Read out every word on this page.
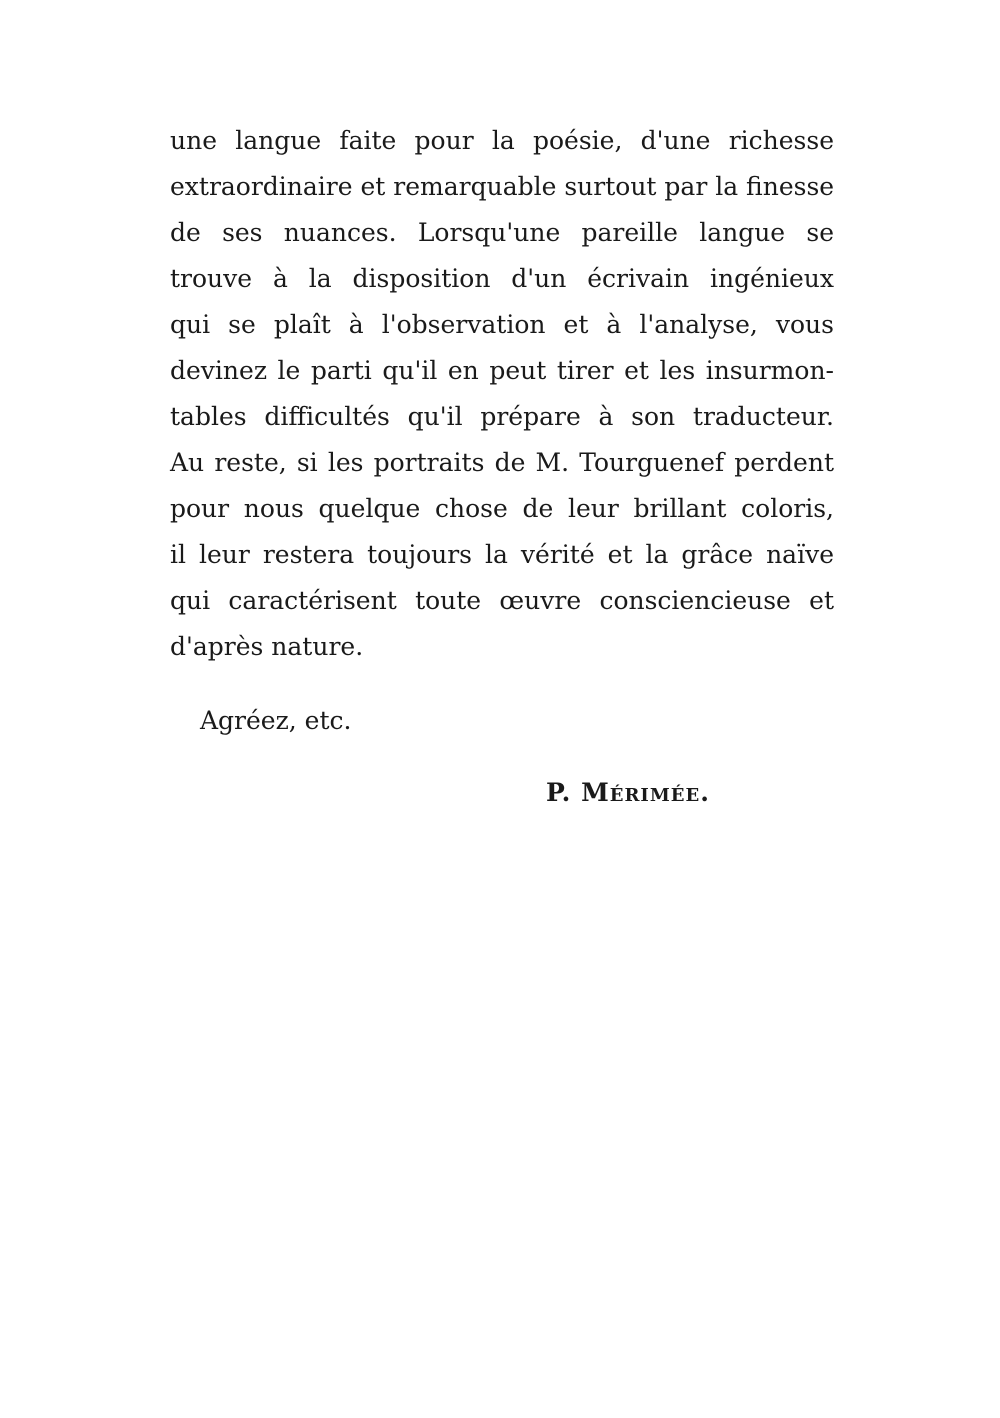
une langue faite pour la poésie, d'une richesse
extraordinaire et remarquable surtout par la finesse
de ses nuances. Lorsqu'une pareille langue se
trouve à la disposition d'un écrivain ingénieux
qui se plaît à l'observation et à l'analyse, vous
devinez le parti qu'il en peut tirer et les insurmon-
tables difficultés qu'il prépare à son traducteur.
Au reste, si les portraits de M. Tourguenef perdent
pour nous quelque chose de leur brillant coloris,
il leur restera toujours la vérité et la grâce naïve
qui caractérisent toute œuvre consciencieuse et
d'après nature.
Agréez, etc.
P. Mérimée.
